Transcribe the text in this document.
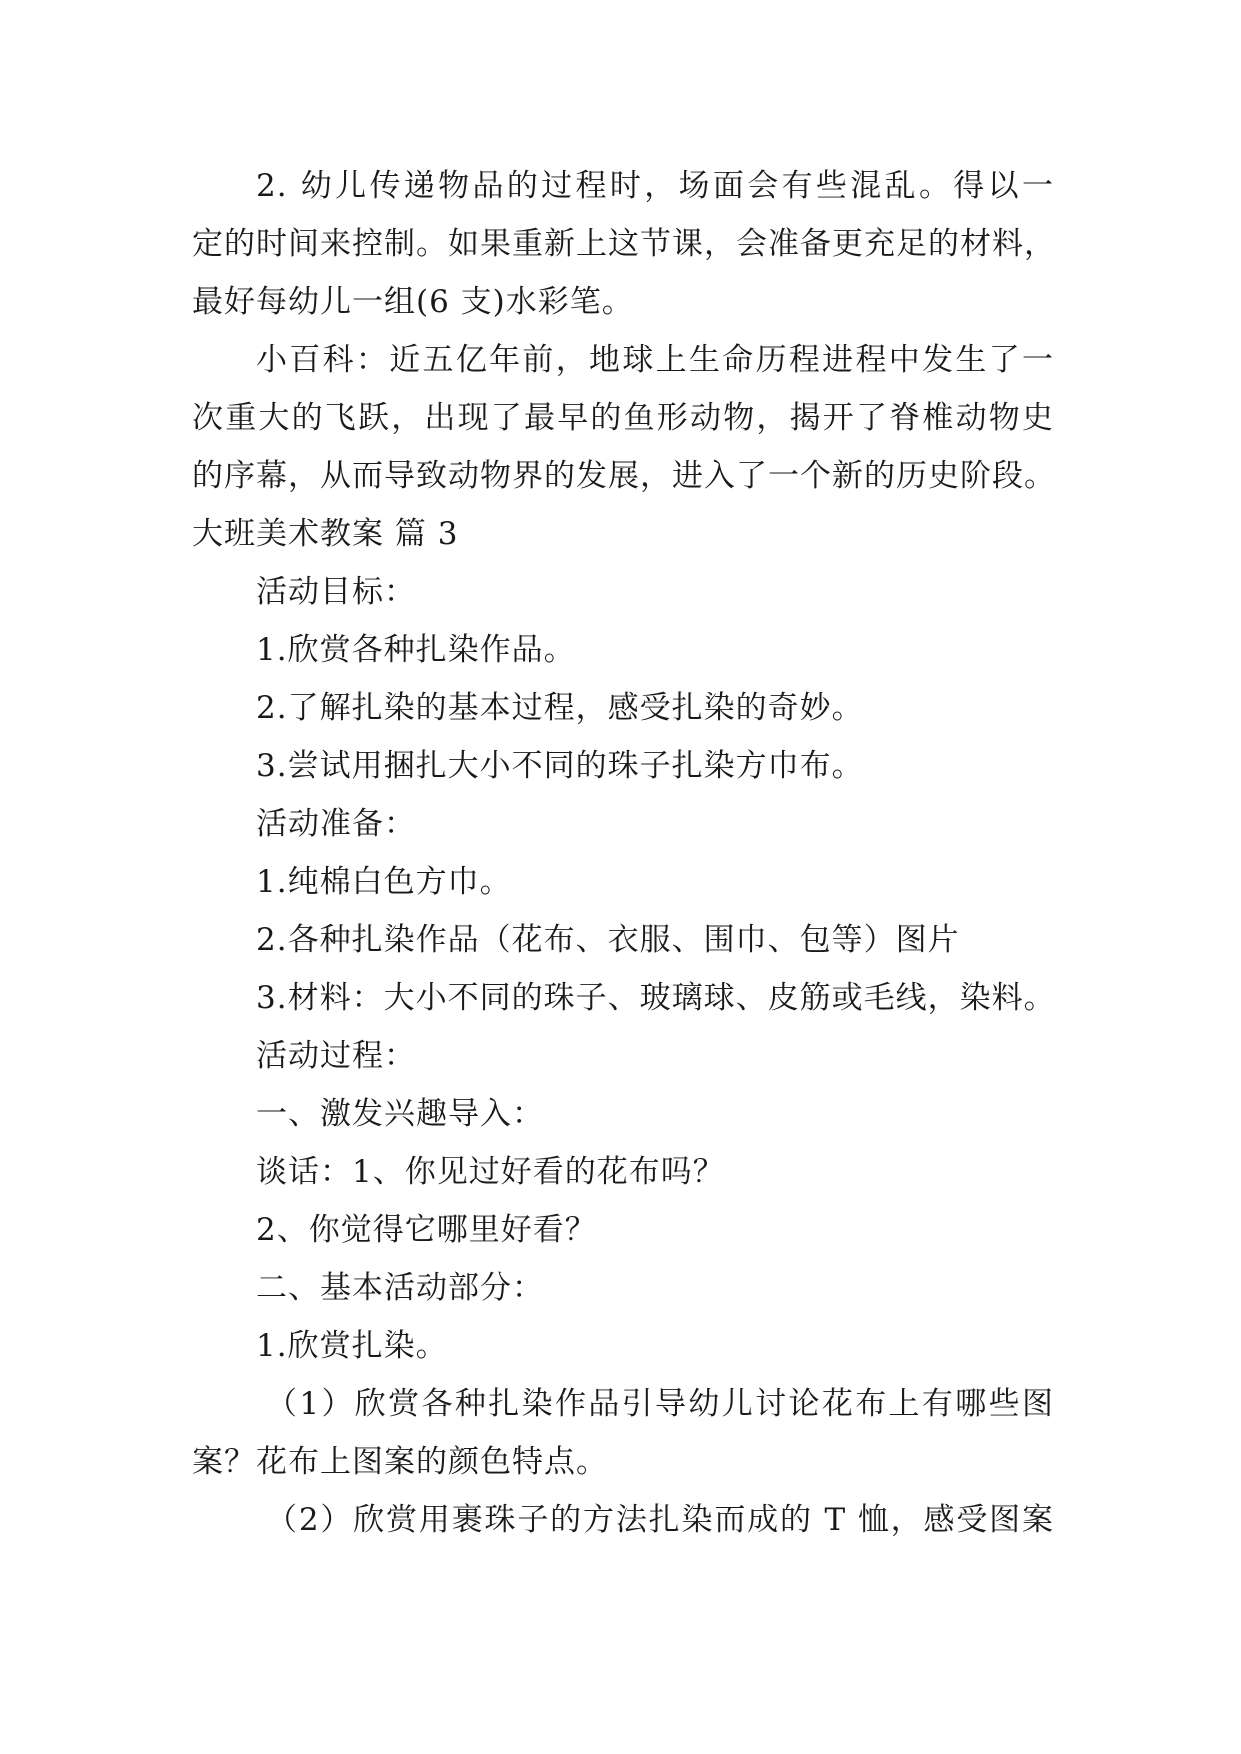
2. 幼儿传递物品的过程时，场面会有些混乱。得以一
定的时间来控制。如果重新上这节课，会准备更充足的材料，
最好每幼儿一组(6 支)水彩笔。
小百科：近五亿年前，地球上生命历程进程中发生了一
次重大的飞跃，出现了最早的鱼形动物，揭开了脊椎动物史
的序幕，从而导致动物界的发展，进入了一个新的历史阶段。
大班美术教案 篇 3
活动目标：
1.欣赏各种扎染作品。
2.了解扎染的基本过程，感受扎染的奇妙。
3.尝试用捆扎大小不同的珠子扎染方巾布。
活动准备：
1.纯棉白色方巾。
2.各种扎染作品（花布、衣服、围巾、包等）图片
3.材料：大小不同的珠子、玻璃球、皮筋或毛线，染料。
活动过程：
一、激发兴趣导入：
谈话：1、你见过好看的花布吗？
2、你觉得它哪里好看？
二、基本活动部分：
1.欣赏扎染。
（1）欣赏各种扎染作品引导幼儿讨论花布上有哪些图
案？花布上图案的颜色特点。
（2）欣赏用裹珠子的方法扎染而成的 T 恤，感受图案
